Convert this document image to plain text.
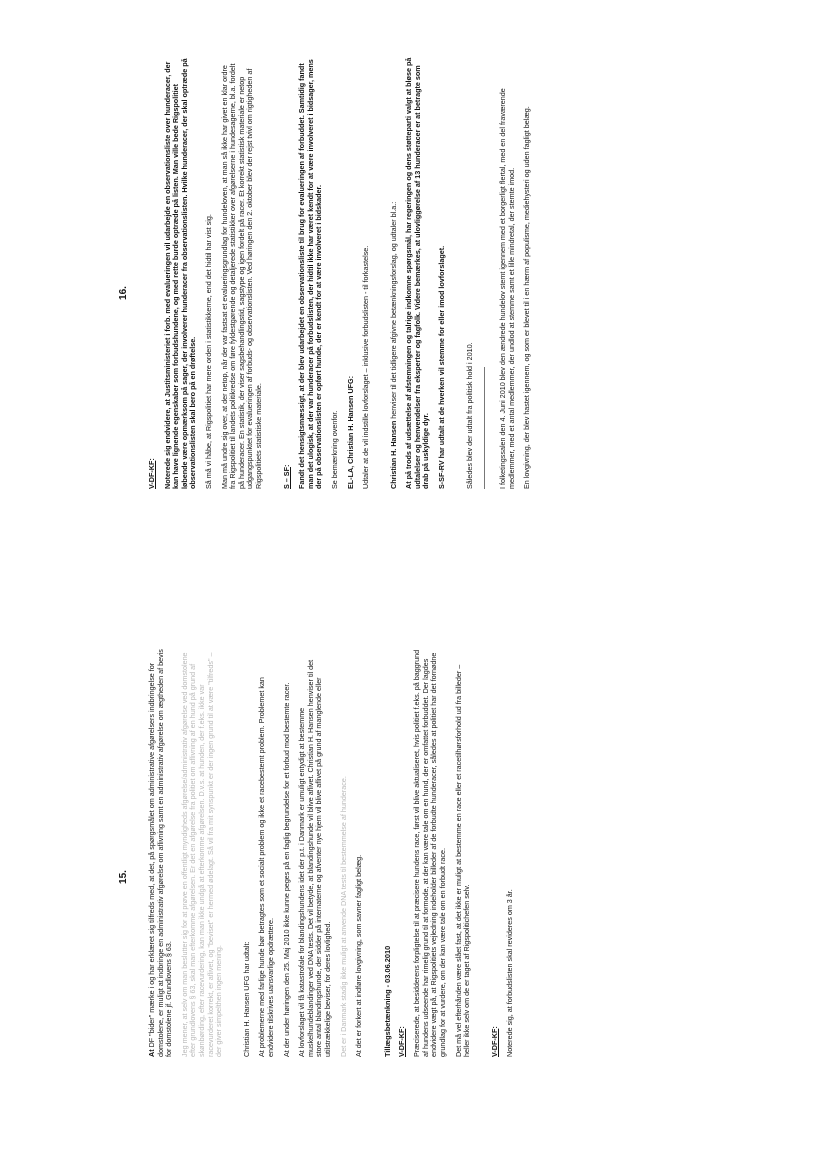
15.

At DF "bider" mærke i og har erklæret sig tilfreds med, at det, på spørgsmålet om administrative afgørelsers indbringelse for domstolene, er muligt at indbringe en administrativ afgørelse om aflivning samt en administrativ afgørelse om ægtheden af bevis for domstolene jf. Grundlovens § 63. Jeg mener, at selv om man beslutter sig for at prøve en offentligt myndigheds afgørelse/administrativ afgørelse ved domstolene efter grundlovens § 63, skal man efterkomme afgørelsen. Er det en afgørelse fra politiet om aflivning af en hund på grund af skønbørding, efter racevurdering, kan man ikke undgå at efterkomme afgørelsen. D.v.s. at hunden, der f.eks. ikke var racevurderet korrekt, er aflivet, og "beviset" er hermed ødelagt. Så vil fra mit synspunkt er der ingen grund til at være "tilfreds" – der giver simpelthen ingen mening.	Christian H. Hansen UFG har udtalt: At problemerne med farlige hunde bør betragtes som et socialt problem og ikke et racebestemt problem. Problemet kan endvidere tilskrives uansvarlige opdrættere. At der under høringen den 25. Maj 2010 ikke kunne peges på en faglig begrundelse for et forbud mod bestemte racer. At lovforslaget vil få katastrofale for blandingshundens idet der p.t. i Danmark er umuligt entydigt at bestemme muskelhundeblandinger ved DNA tests. Det vil betyde, at blandingshunde vil blive aflivet. Christian H. Hansen henviser til det store antal blandingshunde, der sidder på internaterne og afventer nye hjem vil blive aflivet på grund af manglende eller utilstrækkelige beviser, for deres lovlighed. Det er i Danmark stadig ikke muligt at anvende DNA tests til bestemmelse af hunderace. At det er forkert at indføre lovgivning, som savner fagligt belæg.	Tillægsbetænkning - 03.06.2010 V-DF-KF: Præciserede, at besidderens forpligtelse til at præcisere hundens race, først vil blive aktualiseret, hvis politiet f.eks. på baggrund af hundens udseende har rimelig grund til at formode, at der kan være tale om en hund, der er omfattet forbuddet. Der lagdes endvidere vægt på, at Rigspolitiets vejledning indeholder billeder af de forbudte hunderacer, således at politiet har det fornødne grundlag for at vurdere, om der kan være tale om en forbudt race. Det må vel efterhånden være slået fast, at det ikke er muligt at bestemme en race eller et racetilhørsforhold ud fra billeder – heller ikke selv om de er taget af Rigspolitichefen selv.	V-DF-KF: Noterede sig, at forbudslisten skal revideres om 3 år.

16.

V-DF-KF: Noterede sig endvidere, at Justitsministeriet i forb. med evalueringen vil udarbejde en observationsliste over hunderacer, der kan have lignende egenskaber som forbudshundene, og med rette burde optræde på listen. Man ville bede Rigspolitiet løbende være opmærksom på sager, der involverer hunderacer fra observationslisten. Hvilke hunderacer, der skal optræde på observationslisten skal bero på en drøftelse. Så må vi håbe, at Rigspolitiet har mere orden i statistikkerne, end det hidtil har vist sig. Man må undre sig over, at der netop, når der var fastsat et evalueringsgrundlag for hundeloven, at man så ikke har givet en klar ordre fra Rigspolitiet til landets politikredse om føre fyldestgørende og detaljerede statistikker over afgørelserne i hundesagerne, bl.a. fordelt på hunderacer. En statistik, der viser sagsbehandlingstid, sagstype og igen fordelt på racer. Et korrekt statistisk materiale er netop udgangspunktet for evalueringen af forbuds- og observationslisten. Ved høringen den 2. oktober blev der rejst tvivl om rigtigheden af Rigspolitiets statistiske materiale.	S – SF: Fandt det hensigtsmæssigt, at der blev udarbejdet en observationsliste til brug for evalueringen af forbuddet. Samtidig fandt man det ulogisk, at der var hunderacer på forbudslisten, der hidtil ikke har været kendt for at være involveret i bidsager, mens der på observationslisten er opført hunde, der er kendt for at være involveret i bidskader. Se bemærkning ovenfor. EL-LA, Christian H. Hansen UFG: Udtaler at de vil indstille lovforslaget – inklusive forbudslisten - til forkastelse.	Christian H. Hansen henviser til det tidligere afgivne betænkningsforslag, og udtaler bl.a.: At på trods af udsættelse af afstemningen og talrige indkomne spørgsmål, har regeringen og dens støtteparti valgt at bløse på udtalelser og henvendelser fra eksperter og fagfolk. Videre bemærkes, at ulovliggørelse af 13 hunderacer er at betragte som drab på uskyldige dyr. S-SF-RV har udtalt at de hverken vil stemme for eller imod lovforslaget.	Således blev der udtalt fra politisk hold i 2010.	I folketingssalen den 4. Juni 2010 blev den ændrede hundelov stemt igennem med et borgerligt flertal, med en del fraværende medlemmer, med et antal medlemmer, der undlod at stemme samt et lille mindretal, der stemte imod. En lovgivning, der blev hastet igennem, og som er blevet til i en hærm af populisme, mediehysteri og uden fagligt belæg.
